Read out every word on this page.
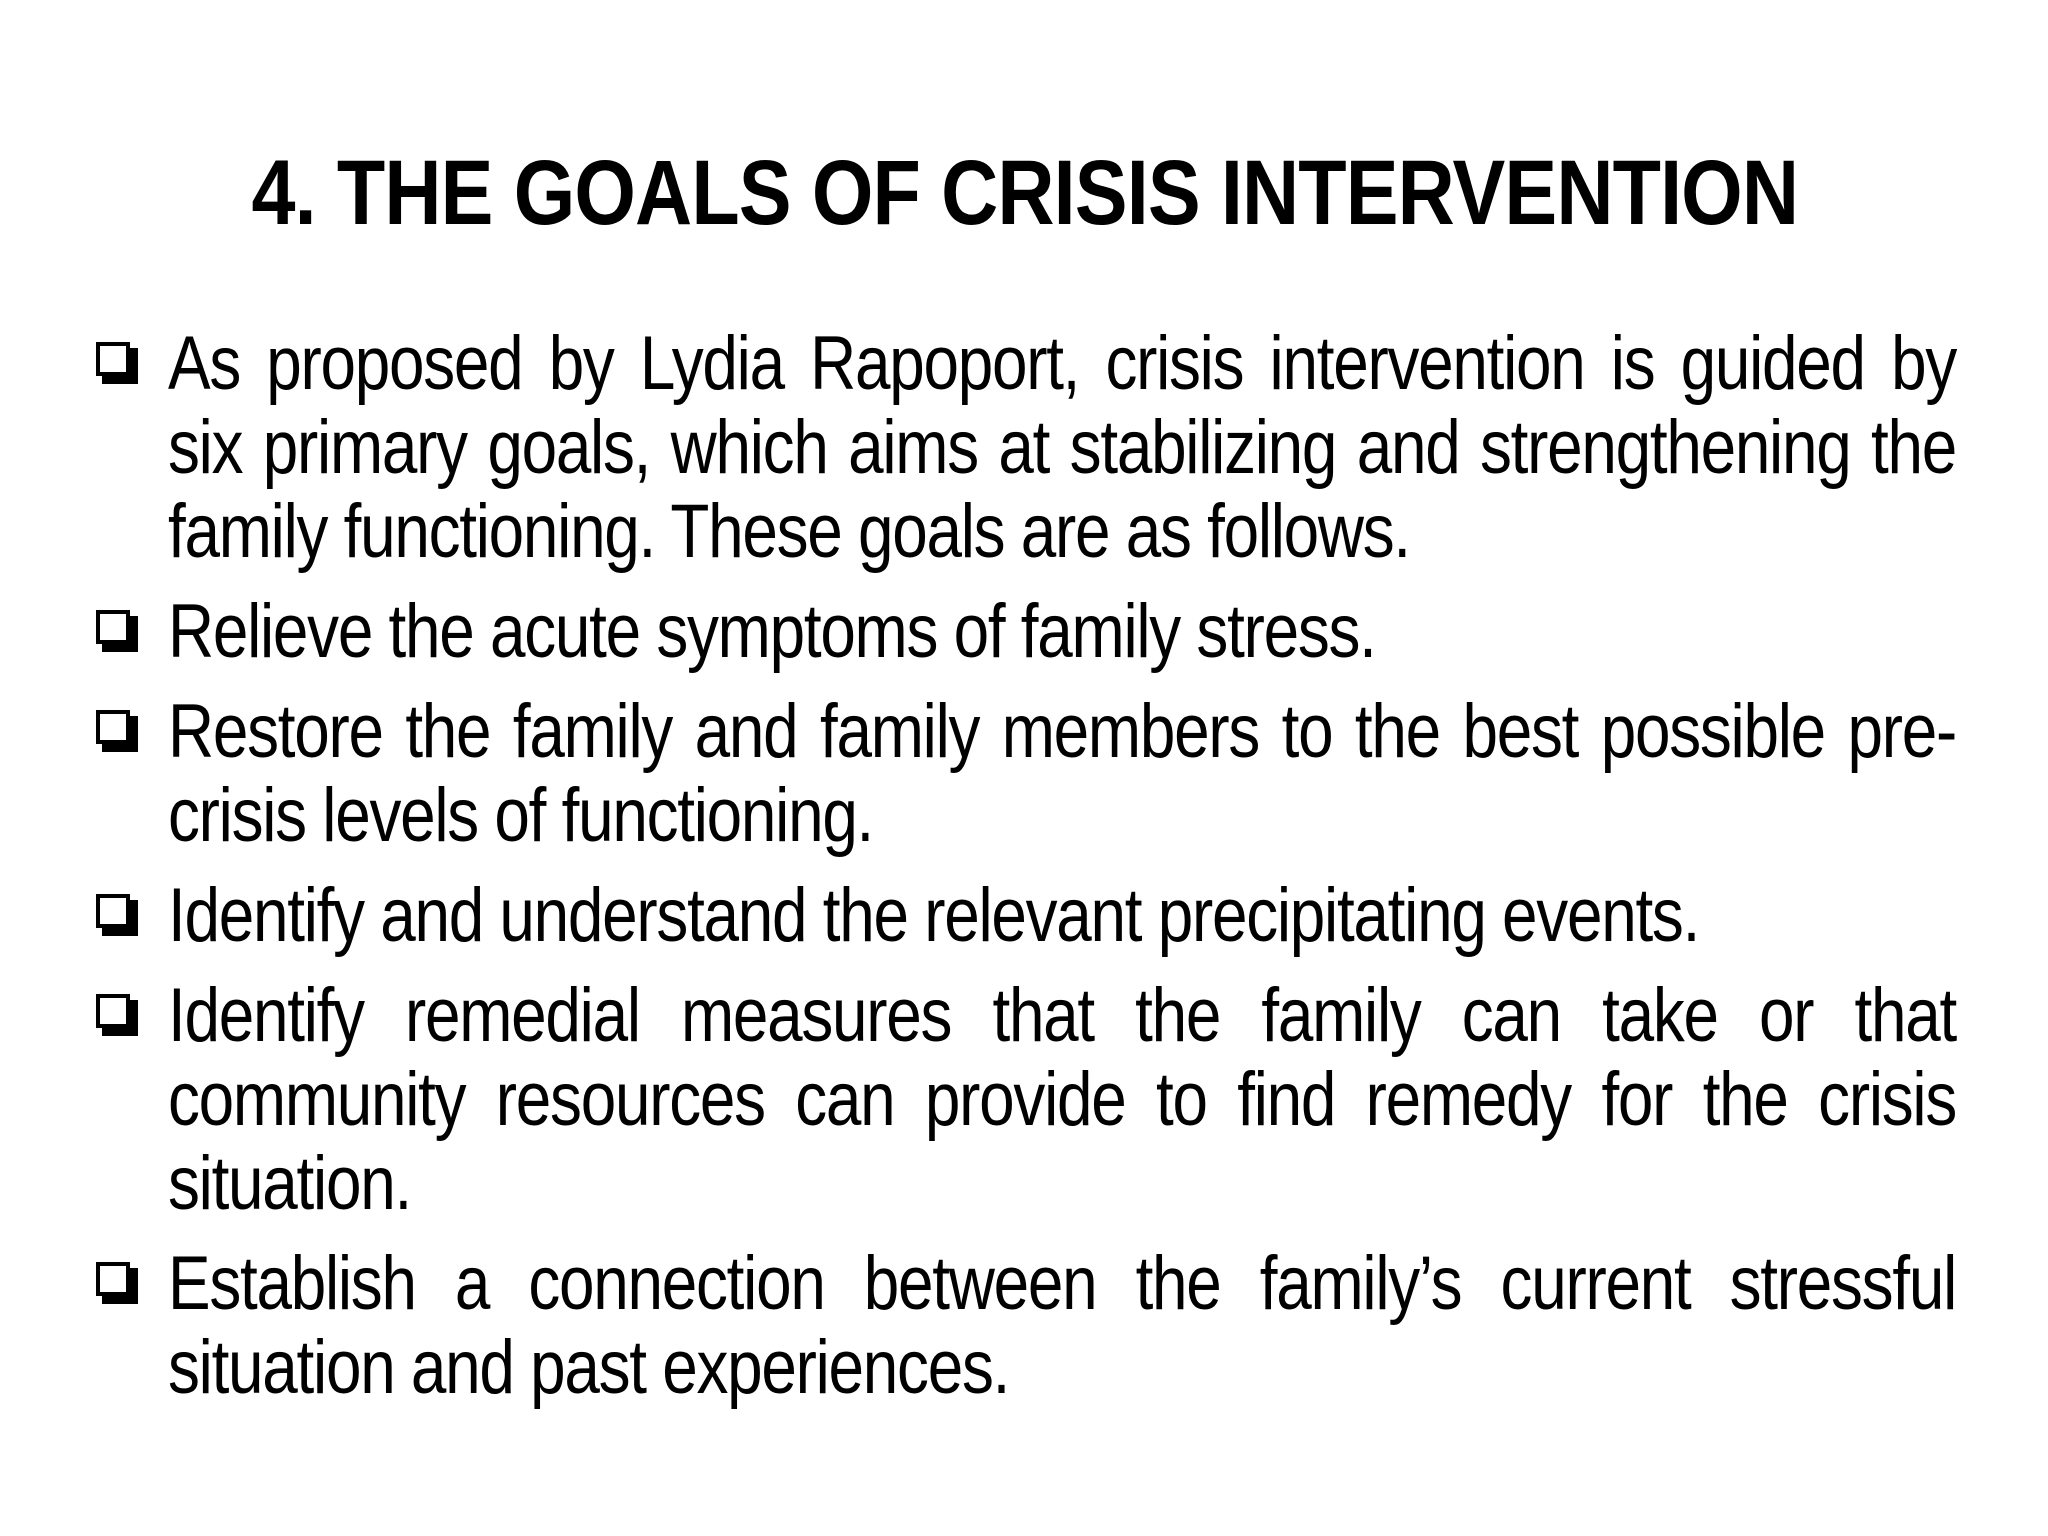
4. THE GOALS OF CRISIS INTERVENTION
As proposed by Lydia Rapoport, crisis intervention is guided by six primary goals, which aims at stabilizing and strengthening the family functioning. These goals are as follows.
Relieve the acute symptoms of family stress.
Restore the family and family members to the best possible pre-crisis levels of functioning.
Identify and understand the relevant precipitating events.
Identify remedial measures that the family can take or that community resources can provide to find remedy for the crisis situation.
Establish a connection between the family’s current stressful situation and past experiences.
